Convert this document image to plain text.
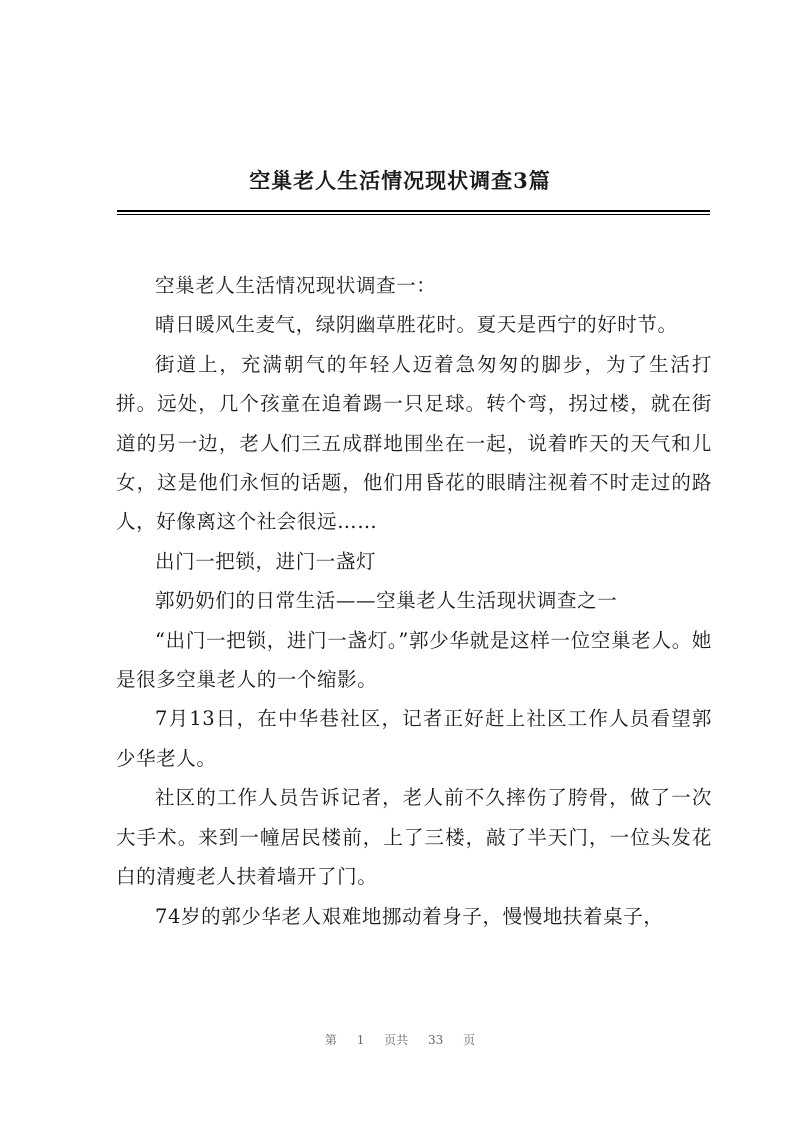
空巢老人生活情况现状调查3篇

空巢老人生活情况现状调查一：

晴日暖风生麦气，绿阴幽草胜花时。夏天是西宁的好时节。

街道上，充满朝气的年轻人迈着急匆匆的脚步，为了生活打拼。远处，几个孩童在追着踢一只足球。转个弯，拐过楼，就在街道的另一边，老人们三五成群地围坐在一起，说着昨天的天气和儿女，这是他们永恒的话题，他们用昏花的眼睛注视着不时走过的路人，好像离这个社会很远……

出门一把锁，进门一盏灯

郭奶奶们的日常生活——空巢老人生活现状调查之一

“出门一把锁，进门一盏灯。”郭少华就是这样一位空巢老人。她是很多空巢老人的一个缩影。

7月13日，在中华巷社区，记者正好赶上社区工作人员看望郭少华老人。

社区的工作人员告诉记者，老人前不久摔伤了胯骨，做了一次大手术。来到一幢居民楼前，上了三楼，敲了半天门，一位头发花白的清瘦老人扶着墙开了门。

74岁的郭少华老人艰难地挪动着身子，慢慢地扶着桌子，

第 1 页共 33 页
